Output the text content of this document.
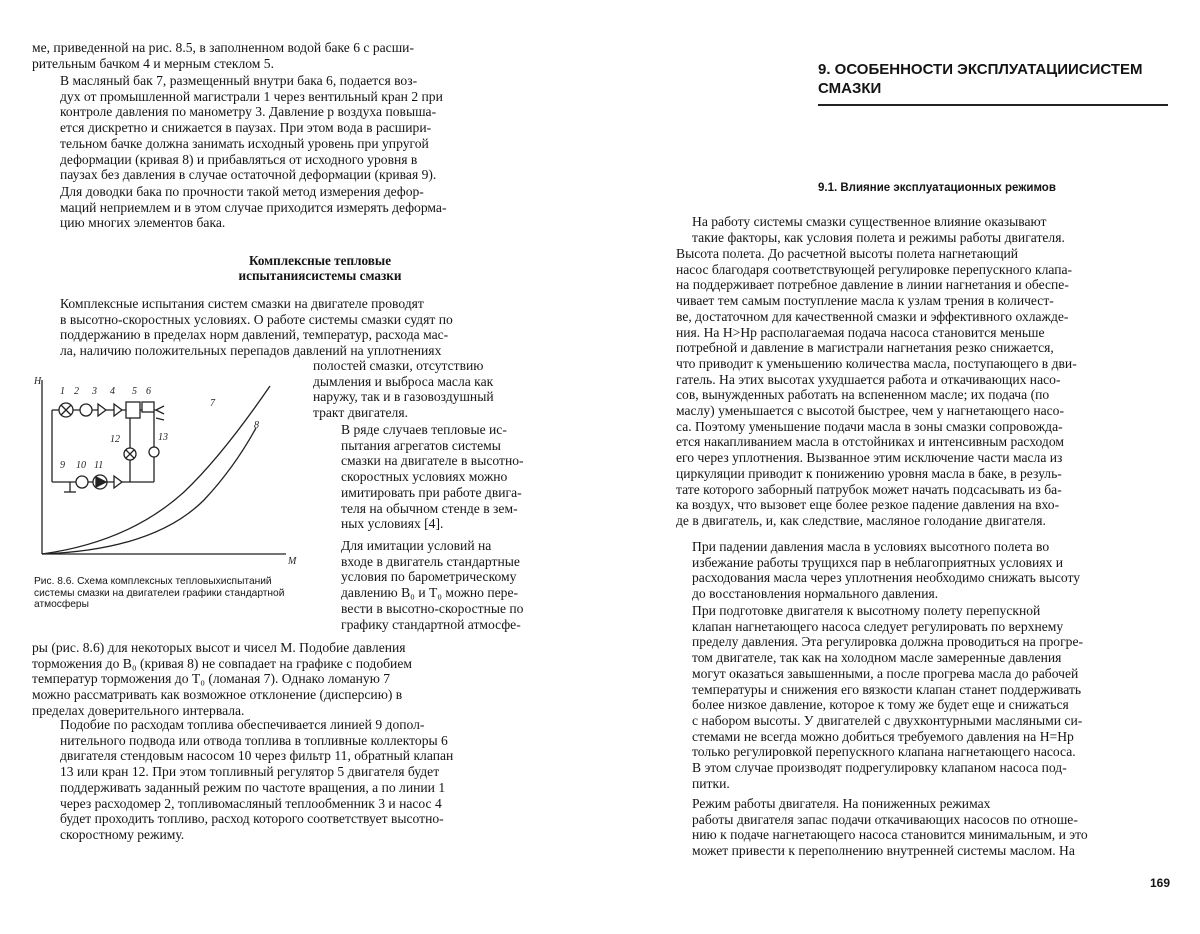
ме, приведенной на рис. 8.5, в заполненном водой баке 6 с расши-
рительным бачком 4 и мерным стеклом 5.
В масляный бак 7, размещенный внутри бака 6, подается воз-
дух от промышленной магистрали 1 через вентильный кран 2 при
контроле давления по манометру 3. Давление р воздуха повыша-
ется дискретно и снижается в паузах. При этом вода в расшири-
тельном бачке должна занимать исходный уровень при упругой
деформации (кривая 8) и прибавляться от исходного уровня в
паузах без давления в случае остаточной деформации (кривая 9).
Для доводки бака по прочности такой метод измерения дефор-
маций неприемлем и в этом случае приходится измерять деформа-
цию многих элементов бака.
Комплексные тепловые испытаниясистемы смазки
Комплексные испытания систем смазки на двигателе проводят
в высотно-скоростных условиях. О работе системы смазки судят по
поддержанию в пределах норм давлений, температур, расхода мас-
ла, наличию положительных перепадов давлений на уплотнениях
полостей смазки, отсутствию
дымления и выброса масла как
наружу, так и в газовоздушный
тракт двигателя.
В ряде случаев тепловые ис-
пытания агрегатов системы
смазки на двигателе в высотно-
скоростных условиях можно
имитировать при работе двига-
теля на обычном стенде в зем-
ных условиях [4].
Для имитации условий на
входе в двигатель стандартные
условия по барометрическому
давлению В₀ и Т₀ можно пере-
вести в высотно-скоростные по
графику стандартной атмосфе-
ры (рис. 8.6) для некоторых высот и чисел М. Подобие давления
торможения до В₀ (кривая 8) не совпадает на графике с подобием
температур торможения до Т₀ (ломаная 7). Однако ломаную 7
можно рассматривать как возможное отклонение (дисперсию) в
пределах доверительного интервала.
Подобие по расходам топлива обеспечивается линией 9 допол-
нительного подвода или отвода топлива в топливные коллекторы 6
двигателя стендовым насосом 10 через фильтр 11, обратный клапан
13 или кран 12. При этом топливный регулятор 5 двигателя будет
поддерживать заданный режим по частоте вращения, а по линии 1
через расходомер 2, топливомасляный теплообменник 3 и насос 4
будет проходить топливо, расход которого соответствует высотно-
скоростному режиму.
Н
М
1 2 3 4 5 6
7
8
9 10 11
12	13
Рис. 8.6. Схема комплексных тепловыхиспытаний системы смазки на двигателеи графики стандартной атмосферы
9. ОСОБЕННОСТИ ЭКСПЛУАТАЦИИСИСТЕМ СМАЗКИ
9.1. Влияние эксплуатационных режимов
На работу системы смазки существенное влияние оказывают
такие факторы, как условия полета и режимы работы двигателя.
Высота полета. До расчетной высоты полета нагнетающий
насос благодаря соответствующей регулировке перепускного клапа-
на поддерживает потребное давление в линии нагнетания и обеспе-
чивает тем самым поступление масла к узлам трения в количест-
ве, достаточном для качественной смазки и эффективного охлажде-
ния. На Н>Нр располагаемая подача насоса становится меньше
потребной и давление в магистрали нагнетания резко снижается,
что приводит к уменьшению количества масла, поступающего в дви-
гатель. На этих высотах ухудшается работа и откачивающих насо-
сов, вынужденных работать на вспененном масле; их подача (по
маслу) уменьшается с высотой быстрее, чем у нагнетающего насо-
са. Поэтому уменьшение подачи масла в зоны смазки сопровожда-
ется накапливанием масла в отстойниках и интенсивным расходом
его через уплотнения. Вызванное этим исключение части масла из
циркуляции приводит к понижению уровня масла в баке, в резуль-
тате которого заборный патрубок может начать подсасывать из ба-
ка воздух, что вызовет еще более резкое падение давления на вхо-
де в двигатель, и, как следствие, масляное голодание двигателя.
При падении давления масла в условиях высотного полета во
избежание работы трущихся пар в неблагоприятных условиях и
расходования масла через уплотнения необходимо снижать высоту
до восстановления нормального давления.
При подготовке двигателя к высотному полету перепускной
клапан нагнетающего насоса следует регулировать по верхнему
пределу давления. Эта регулировка должна проводиться на прогре-
том двигателе, так как на холодном масле замеренные давления
могут оказаться завышенными, а после прогрева масла до рабочей
температуры и снижения его вязкости клапан станет поддерживать
более низкое давление, которое к тому же будет еще и снижаться
с набором высоты. У двигателей с двухконтурными масляными си-
стемами не всегда можно добиться требуемого давления на Н=Нр
только регулировкой перепускного клапана нагнетающего насоса.
В этом случае производят подрегулировку клапаном насоса под-
питки.
Режим работы двигателя. На пониженных режимах
работы двигателя запас подачи откачивающих насосов по отноше-
нию к подаче нагнетающего насоса становится минимальным, и это
может привести к переполнению внутренней системы маслом. На
169
